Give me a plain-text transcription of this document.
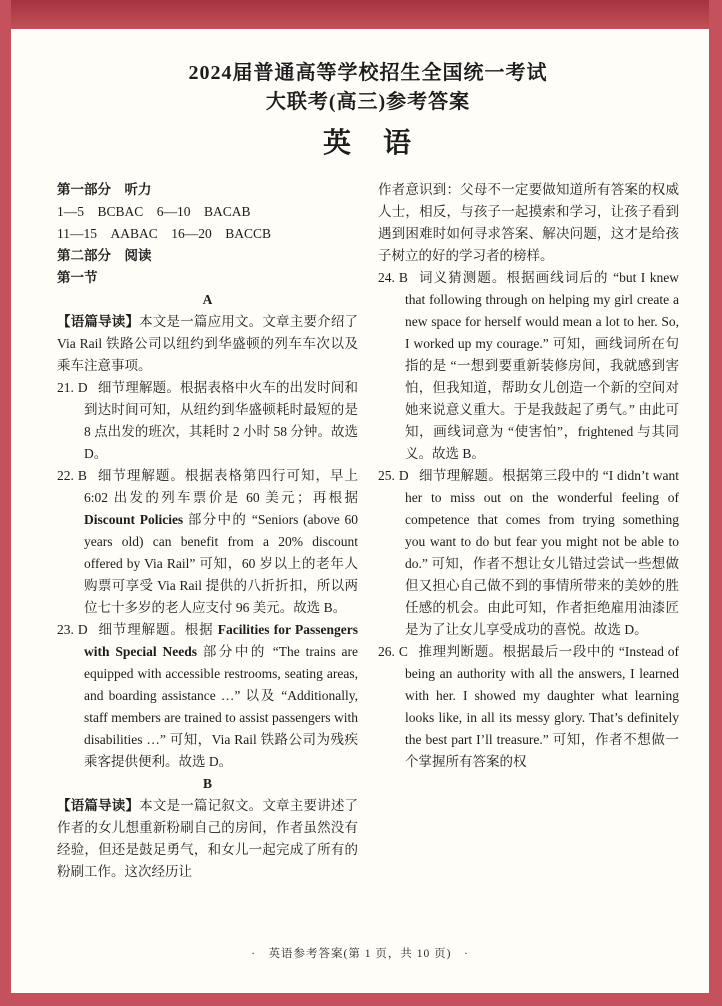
2024届普通高等学校招生全国统一考试

大联考(高三)参考答案

英　语

第一部分　听力

1—5　BCBAC　6—10　BACAB

11—15　AABAC　16—20　BACCB

第二部分　阅读

第一节

A

【语篇导读】本文是一篇应用文。文章主要介绍了 Via Rail 铁路公司以纽约到华盛顿的列车车次以及乘车注意事项。

21. D 细节理解题。根据表格中火车的出发时间和到达时间可知，从纽约到华盛顿耗时最短的是 8 点出发的班次，其耗时 2 小时 58 分钟。故选 D。

22. B 细节理解题。根据表格第四行可知，早上 6:02 出发的列车票价是 60 美元；再根据 Discount Policies 部分中的 “Seniors (above 60 years old) can benefit from a 20% discount offered by Via Rail” 可知，60 岁以上的老年人购票可享受 Via Rail 提供的八折折扣，所以两位七十多岁的老人应支付 96 美元。故选 B。

23. D 细节理解题。根据 Facilities for Passengers with Special Needs 部分中的 “The trains are equipped with accessible restrooms, seating areas, and boarding assistance …” 以及 “Additionally, staff members are trained to assist passengers with disabilities …” 可知，Via Rail 铁路公司为残疾乘客提供便利。故选 D。

B

【语篇导读】本文是一篇记叙文。文章主要讲述了作者的女儿想重新粉刷自己的房间，作者虽然没有经验，但还是鼓足勇气，和女儿一起完成了所有的粉刷工作。这次经历让

作者意识到：父母不一定要做知道所有答案的权威人士，相反，与孩子一起摸索和学习，让孩子看到遇到困难时如何寻求答案、解决问题，这才是给孩子树立的好的学习者的榜样。

24. B 词义猜测题。根据画线词后的 “but I knew that following through on helping my girl create a new space for herself would mean a lot to her. So, I worked up my courage.” 可知，画线词所在句指的是 “一想到要重新装修房间，我就感到害怕，但我知道，帮助女儿创造一个新的空间对她来说意义重大。于是我鼓起了勇气。” 由此可知，画线词意为 “使害怕”，frightened 与其同义。故选 B。

25. D 细节理解题。根据第三段中的 “I didn’t want her to miss out on the wonderful feeling of competence that comes from trying something you want to do but fear you might not be able to do.” 可知，作者不想让女儿错过尝试一些想做但又担心自己做不到的事情所带来的美妙的胜任感的机会。由此可知，作者拒绝雇用油漆匠是为了让女儿享受成功的喜悦。故选 D。

26. C 推理判断题。根据最后一段中的 “Instead of being an authority with all the answers, I learned with her. I showed my daughter what learning looks like, in all its messy glory. That’s definitely the best part I’ll treasure.” 可知，作者不想做一个掌握所有答案的权

·　英语参考答案(第 1 页，共 10 页)　·
